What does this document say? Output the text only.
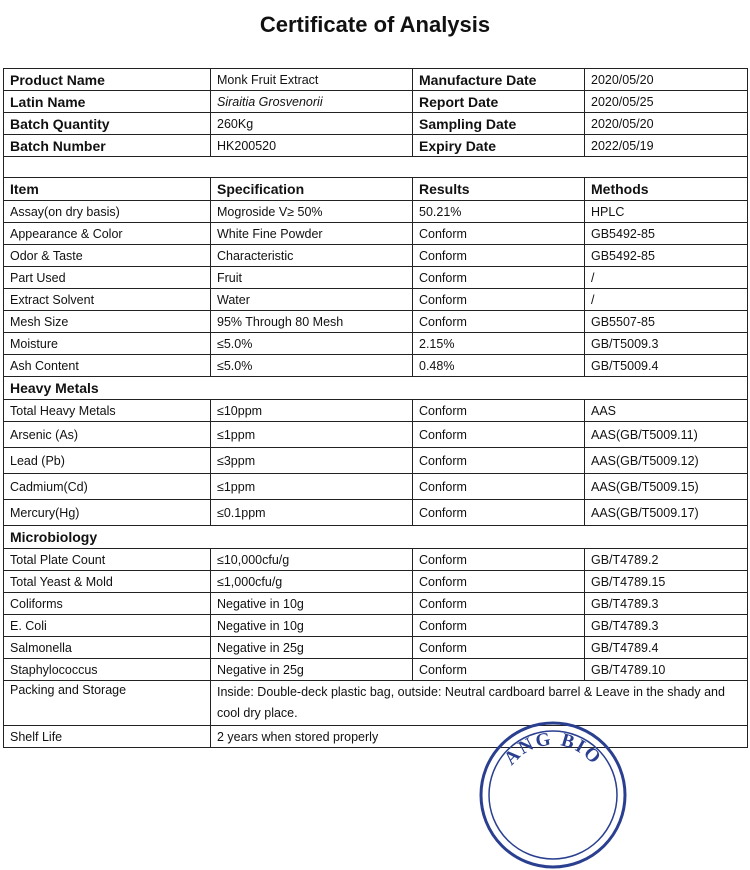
Certificate of Analysis
Product Name	Monk Fruit Extract	Manufacture Date	2020/05/20
Latin Name	Siraitia Grosvenorii	Report Date	2020/05/25
Batch Quantity	260Kg	Sampling Date	2020/05/20
Batch Number	HK200520	Expiry Date	2022/05/19

Item	Specification	Results	Methods
Assay(on dry basis)	Mogroside V≥ 50%	50.21%	HPLC
Appearance & Color	White Fine Powder	Conform	GB5492-85
Odor & Taste	Characteristic	Conform	GB5492-85
Part Used	Fruit	Conform	/
Extract Solvent	Water	Conform	/
Mesh Size	95% Through 80 Mesh	Conform	GB5507-85
Moisture	≤5.0%	2.15%	GB/T5009.3
Ash Content	≤5.0%	0.48%	GB/T5009.4
Heavy Metals			
Total Heavy Metals	≤10ppm	Conform	AAS
Arsenic (As)	≤1ppm	Conform	AAS(GB/T5009.11)
Lead (Pb)	≤3ppm	Conform	AAS(GB/T5009.12)
Cadmium(Cd)	≤1ppm	Conform	AAS(GB/T5009.15)
Mercury(Hg)	≤0.1ppm	Conform	AAS(GB/T5009.17)
Microbiology			
Total Plate Count	≤10,000cfu/g	Conform	GB/T4789.2
Total Yeast & Mold	≤1,000cfu/g	Conform	GB/T4789.15
Coliforms	Negative in 10g	Conform	GB/T4789.3
E. Coli	Negative in 10g	Conform	GB/T4789.3
Salmonella	Negative in 25g	Conform	GB/T4789.4
Staphylococcus	Negative in 25g	Conform	GB/T4789.10
Packing and Storage	Inside: Double-deck plastic bag, outside: Neutral cardboard barrel & Leave in the shady and cool dry place.		
Shelf Life	2 years when stored properly		
ANG BIO
